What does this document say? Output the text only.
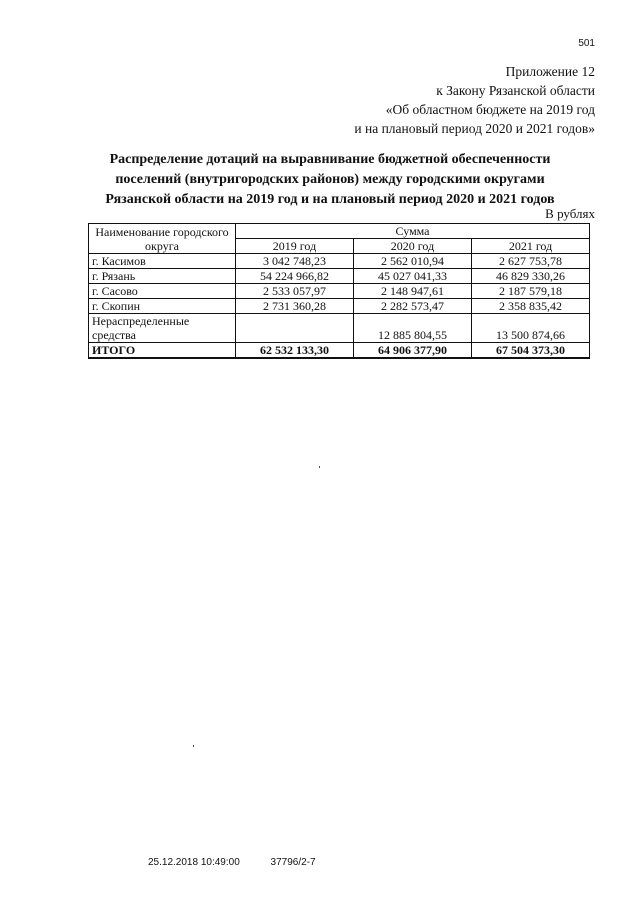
501
Приложение 12
к Закону Рязанской области
«Об областном бюджете на 2019 год
и на плановый период 2020 и 2021 годов»
Распределение дотаций на выравнивание бюджетной обеспеченности
поселений (внутригородских районов) между городскими округами
Рязанской области на 2019 год и на плановый период 2020 и 2021 годов
В рублях
Наименование городского округа	Сумма		
	2019 год	2020 год	2021 год
г. Касимов	3 042 748,23	2 562 010,94	2 627 753,78
г. Рязань	54 224 966,82	45 027 041,33	46 829 330,26
г. Сасово	2 533 057,97	2 148 947,61	2 187 579,18
г. Скопин	2 731 360,28	2 282 573,47	2 358 835,42

Нераспределенные
средства		12 885 804,55	13 500 874,66
ИТОГО	62 532 133,30	64 906 377,90	67 504 373,30
25.12.2018 10:49:00	37796/2-7
